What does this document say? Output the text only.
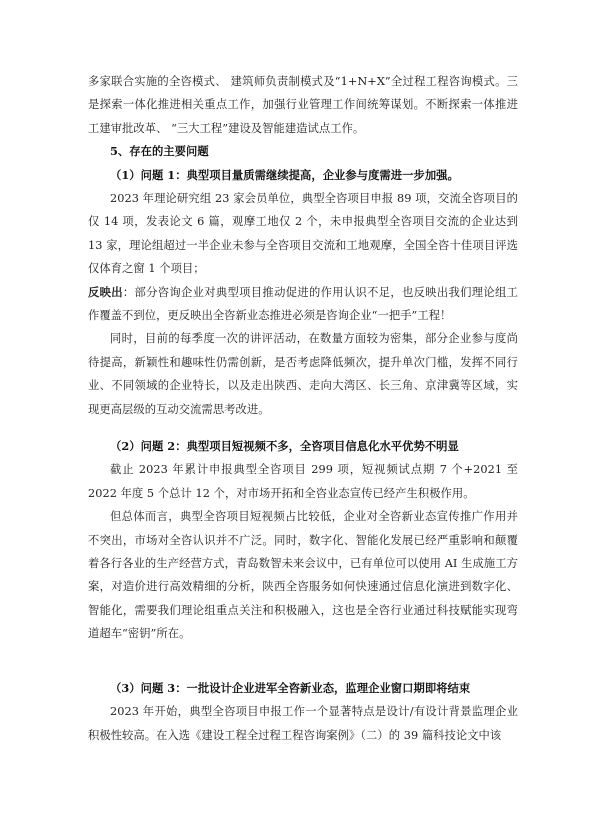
多家联合实施的全咨模式、 建筑师负责制模式及“1+N+X”全过程工程咨询模式。三是探索一体化推进相关重点工作，加强行业管理工作间统筹谋划。不断探索一体推进工建审批改革、 “三大工程”建设及智能建造试点工作。

5、存在的主要问题

（1）问题 1：典型项目量质需继续提高，企业参与度需进一步加强。

2023 年理论研究组 23 家会员单位，典型全咨项目申报 89 项，交流全咨项目的仅 14 项，发表论文 6 篇，观摩工地仅 2 个，未申报典型全咨项目交流的企业达到 13 家，理论组超过一半企业未参与全咨项目交流和工地观摩，全国全咨十佳项目评选仅体育之窗 1 个项目；

反映出：部分咨询企业对典型项目推动促进的作用认识不足，也反映出我们理论组工作覆盖不到位，更反映出全咨新业态推进必须是咨询企业“一把手”工程！

同时，目前的每季度一次的讲评活动，在数量方面较为密集，部分企业参与度尚待提高，新颖性和趣味性仍需创新，是否考虑降低频次，提升单次门槛，发挥不同行业、不同领域的企业特长，以及走出陕西、走向大湾区、长三角、京津冀等区域，实现更高层级的互动交流需思考改进。

（2）问题 2：典型项目短视频不多，全咨项目信息化水平优势不明显

截止 2023 年累计申报典型全咨项目 299 项，短视频试点期 7 个+2021 至 2022 年度 5 个总计 12 个，对市场开拓和全咨业态宣传已经产生积极作用。

但总体而言，典型全咨项目短视频占比较低，企业对全咨新业态宣传推广作用并不突出，市场对全咨认识并不广泛。同时，数字化、智能化发展已经严重影响和颠覆着各行各业的生产经营方式，青岛数智未来会议中，已有单位可以使用 AI 生成施工方案，对造价进行高效精细的分析，陕西全咨服务如何快速通过信息化演进到数字化、智能化，需要我们理论组重点关注和积极融入，这也是全咨行业通过科技赋能实现弯道超车“密钥”所在。

（3）问题 3：一批设计企业进军全咨新业态，监理企业窗口期即将结束

2023 年开始，典型全咨项目申报工作一个显著特点是设计/有设计背景监理企业积极性较高。在入选《建设工程全过程工程咨询案例》（二）的 39 篇科技论文中该
